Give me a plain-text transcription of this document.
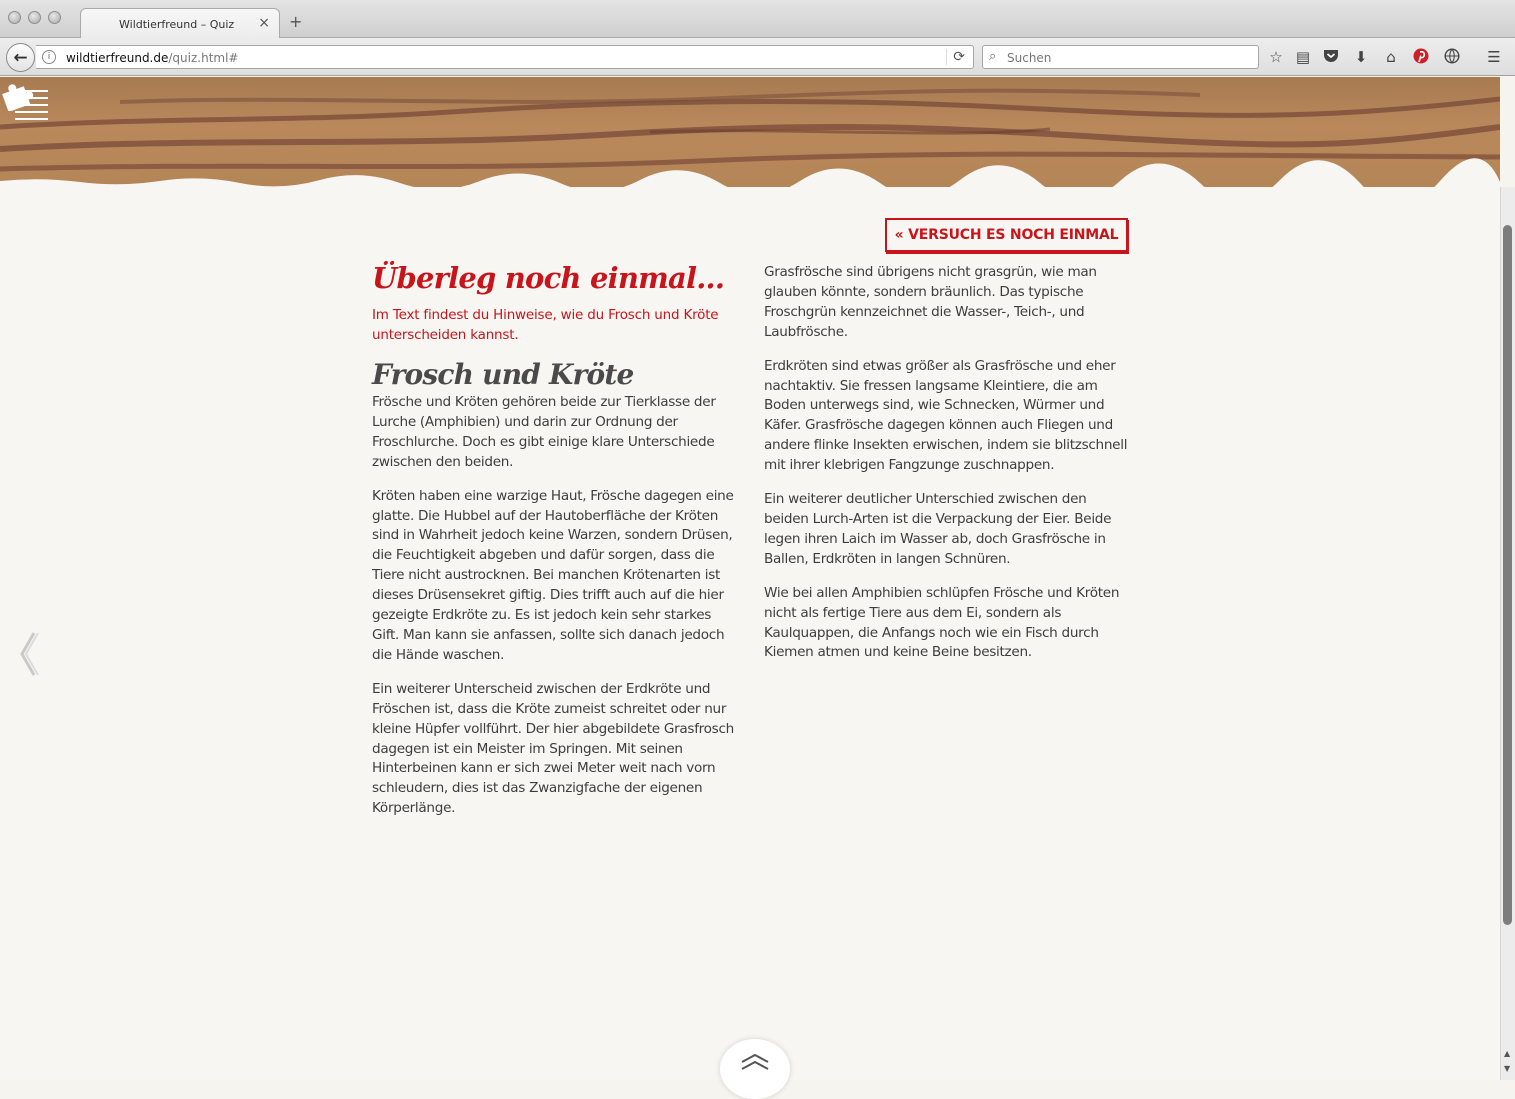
Wildtierfreund – Quiz × +
i	wildtierfreund.de/quiz.html#	⟳
←	⌕ Suchen	☆ ▤	⬇	⌂	☰
« VERSUCH ES NOCH EINMAL
Überleg noch einmal...

Im Text findest du Hinweise, wie du Frosch und Kröte unterscheiden kannst.

Frosch und Kröte

Frösche und Kröten gehören beide zur Tierklasse der Lurche (Amphibien) und darin zur Ordnung der Froschlurche. Doch es gibt einige klare Unterschiede zwischen den beiden.

Kröten haben eine warzige Haut, Frösche dagegen eine glatte. Die Hubbel auf der Hautoberfläche der Kröten sind in Wahrheit jedoch keine Warzen, sondern Drüsen, die Feuchtigkeit abgeben und dafür sorgen, dass die Tiere nicht austrocknen. Bei manchen Krötenarten ist dieses Drüsensekret giftig. Dies trifft auch auf die hier gezeigte Erdkröte zu. Es ist jedoch kein sehr starkes Gift. Man kann sie anfassen, sollte sich danach jedoch die Hände waschen.

Ein weiterer Unterscheid zwischen der Erdkröte und Fröschen ist, dass die Kröte zumeist schreitet oder nur kleine Hüpfer vollführt. Der hier abgebildete Grasfrosch dagegen ist ein Meister im Springen. Mit seinen Hinterbeinen kann er sich zwei Meter weit nach vorn schleudern, dies ist das Zwanzigfache der eigenen Körperlänge.

Grasfrösche sind übrigens nicht grasgrün, wie man glauben könnte, sondern bräunlich. Das typische Froschgrün kennzeichnet die Wasser-, Teich-, und Laubfrösche.

Erdkröten sind etwas größer als Grasfrösche und eher nachtaktiv. Sie fressen langsame Kleintiere, die am Boden unterwegs sind, wie Schnecken, Würmer und Käfer. Grasfrösche dagegen können auch Fliegen und andere flinke Insekten erwischen, indem sie blitzschnell mit ihrer klebrigen Fangzunge zuschnappen.

Ein weiterer deutlicher Unterschied zwischen den beiden Lurch-Arten ist die Verpackung der Eier. Beide legen ihren Laich im Wasser ab, doch Grasfrösche in Ballen, Erdkröten in langen Schnüren.

Wie bei allen Amphibien schlüpfen Frösche und Kröten nicht als fertige Tiere aus dem Ei, sondern als Kaulquappen, die Anfangs noch wie ein Fisch durch Kiemen atmen und keine Beine besitzen.

▲
▼
